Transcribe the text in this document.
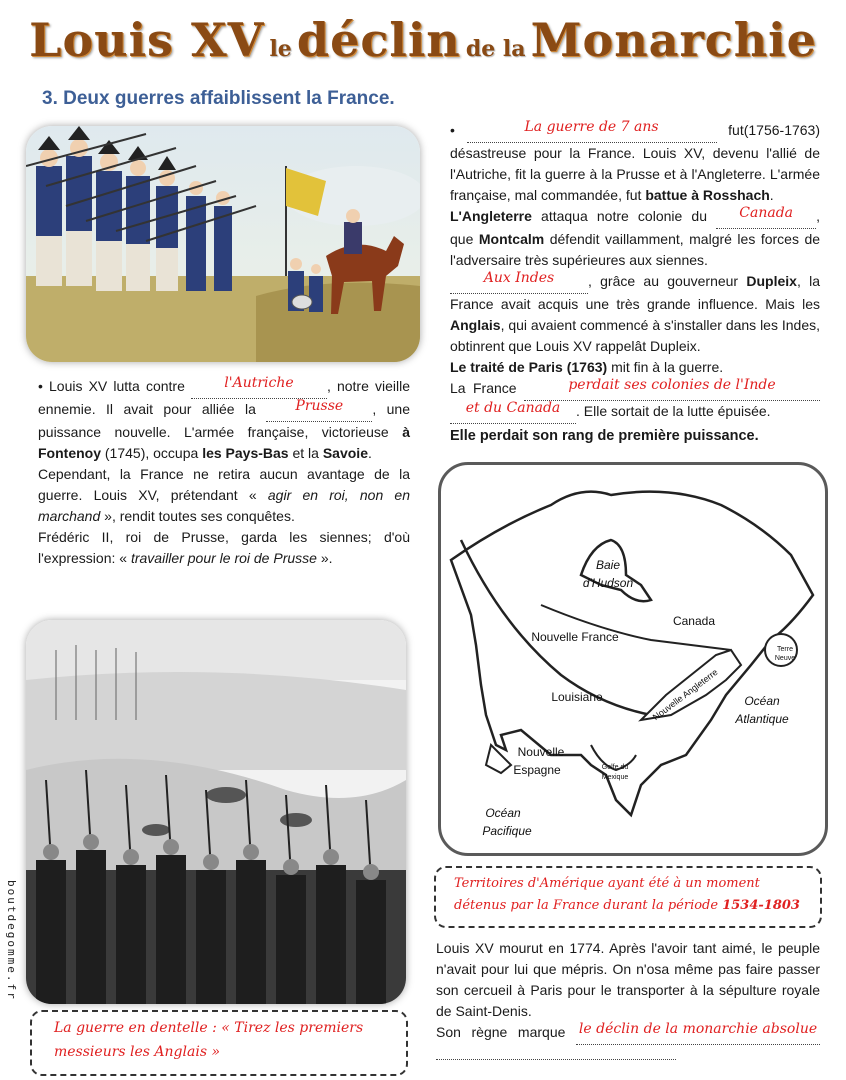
Louis XV le déclin de la Monarchie
3. Deux guerres affaiblissent la France.
• Louis XV lutta contre	l'Autriche , notre vieille ennemie. Il avait pour alliée la	Prusse , une puissance nouvelle. L'armée française, victorieuse à Fontenoy (1745), occupa les Pays-Bas et la Savoie.
Cependant, la France ne retira aucun avantage de la guerre. Louis XV, prétendant « agir en roi, non en marchand », rendit toutes ses conquêtes.
Frédéric II, roi de Prusse, garda les siennes; d'où l'expression: « travailler pour le roi de Prusse ».
•	La guerre de 7 ans	(1756-1763)
fut désastreuse pour la France. Louis XV, devenu l'allié de l'Autriche, fit la guerre à la Prusse et à l'Angleterre. L'armée française, mal commandée, fut battue à Rosshach.
L'Angleterre attaqua notre colonie du Canada , que Montcalm défendit vaillamment, malgré les forces de l'adversaire très supérieures aux siennes.
Aux Indes , grâce au gouverneur Dupleix, la France avait acquis une très grande influence. Mais les Anglais, qui avaient commencé à s'installer dans les Indes, obtinrent que Louis XV rappelât Dupleix.
Le traité de Paris (1763) mit fin à la guerre.
La France	perdait ses colonies de l'Inde et du Canada . Elle sortait de la lutte épuisée.
Elle perdait son rang de première puissance.
Baie
d'Hudson
Canada
Nouvelle France
Terre
Neuve
Louisiane	Nouvelle Angleterre Océan
Atlantique
Nouvelle
Espagne	Golfe du
Mexique
Océan
Pacifique
Territoires d'Amérique ayant été à un moment
détenus par la France durant la période 1534-1803
Louis XV mourut en 1774. Après l'avoir tant aimé, le peuple n'avait pour lui que mépris. On n'osa même pas faire passer son cercueil à Paris pour le transporter à la sépulture royale de Saint-Denis.
Son règne marque le déclin de la monarchie absolue
La guerre en dentelle : « Tirez les premiers
messieurs les Anglais »
boutdegomme.fr
